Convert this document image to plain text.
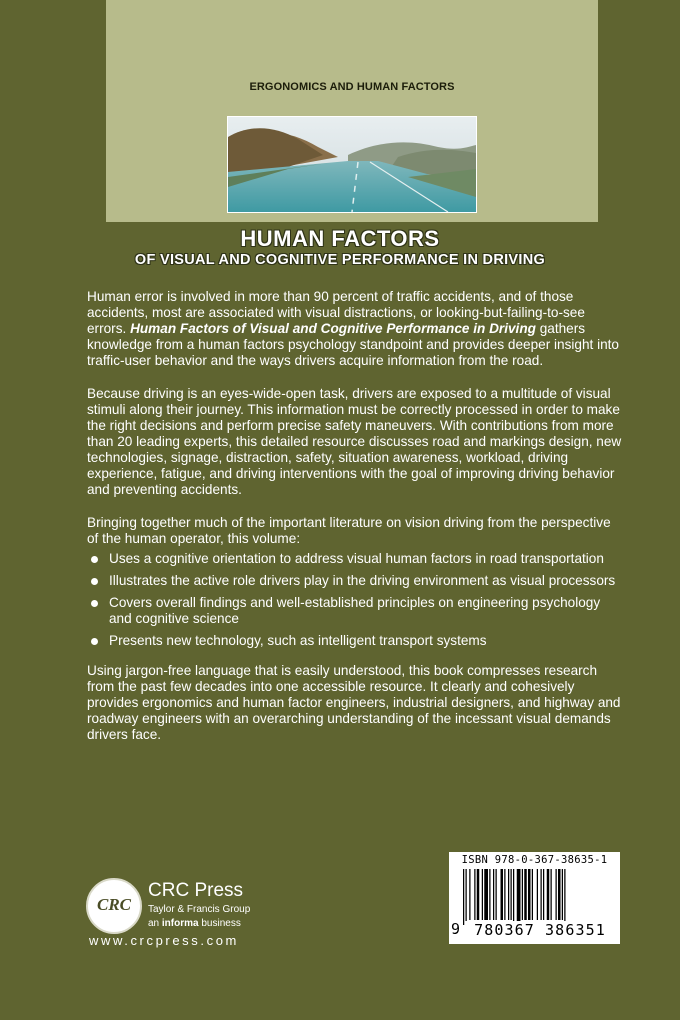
ERGONOMICS AND HUMAN FACTORS
HUMAN FACTORS
OF VISUAL AND COGNITIVE PERFORMANCE IN DRIVING

Human error is involved in more than 90 percent of traffic accidents, and of those accidents, most are associated with visual distractions, or looking-but-failing-to-see errors. Human Factors of Visual and Cognitive Performance in Driving gathers knowledge from a human factors psychology standpoint and provides deeper insight into traffic-user behavior and the ways drivers acquire information from the road.

Because driving is an eyes-wide-open task, drivers are exposed to a multitude of visual stimuli along their journey. This information must be correctly processed in order to make the right decisions and perform precise safety maneuvers. With contributions from more than 20 leading experts, this detailed resource discusses road and markings design, new technologies, signage, distraction, safety, situation awareness, workload, driving experience, fatigue, and driving interventions with the goal of improving driving behavior and preventing accidents.

Bringing together much of the important literature on vision driving from the perspective of the human operator, this volume:

Uses a cognitive orientation to address visual human factors in road transportation
Illustrates the active role drivers play in the driving environment as visual processors
Covers overall findings and well-established principles on engineering psychology and cognitive science
Presents new technology, such as intelligent transport systems

Using jargon-free language that is easily understood, this book compresses research from the past few decades into one accessible resource. It clearly and cohesively provides ergonomics and human factor engineers, industrial designers, and highway and roadway engineers with an overarching understanding of the incessant visual demands drivers face.

CRC
CRC Press
Taylor & Francis Group
an informa business
www.crcpress.com
ISBN 978-0-367-38635-1
9 780367 386351
